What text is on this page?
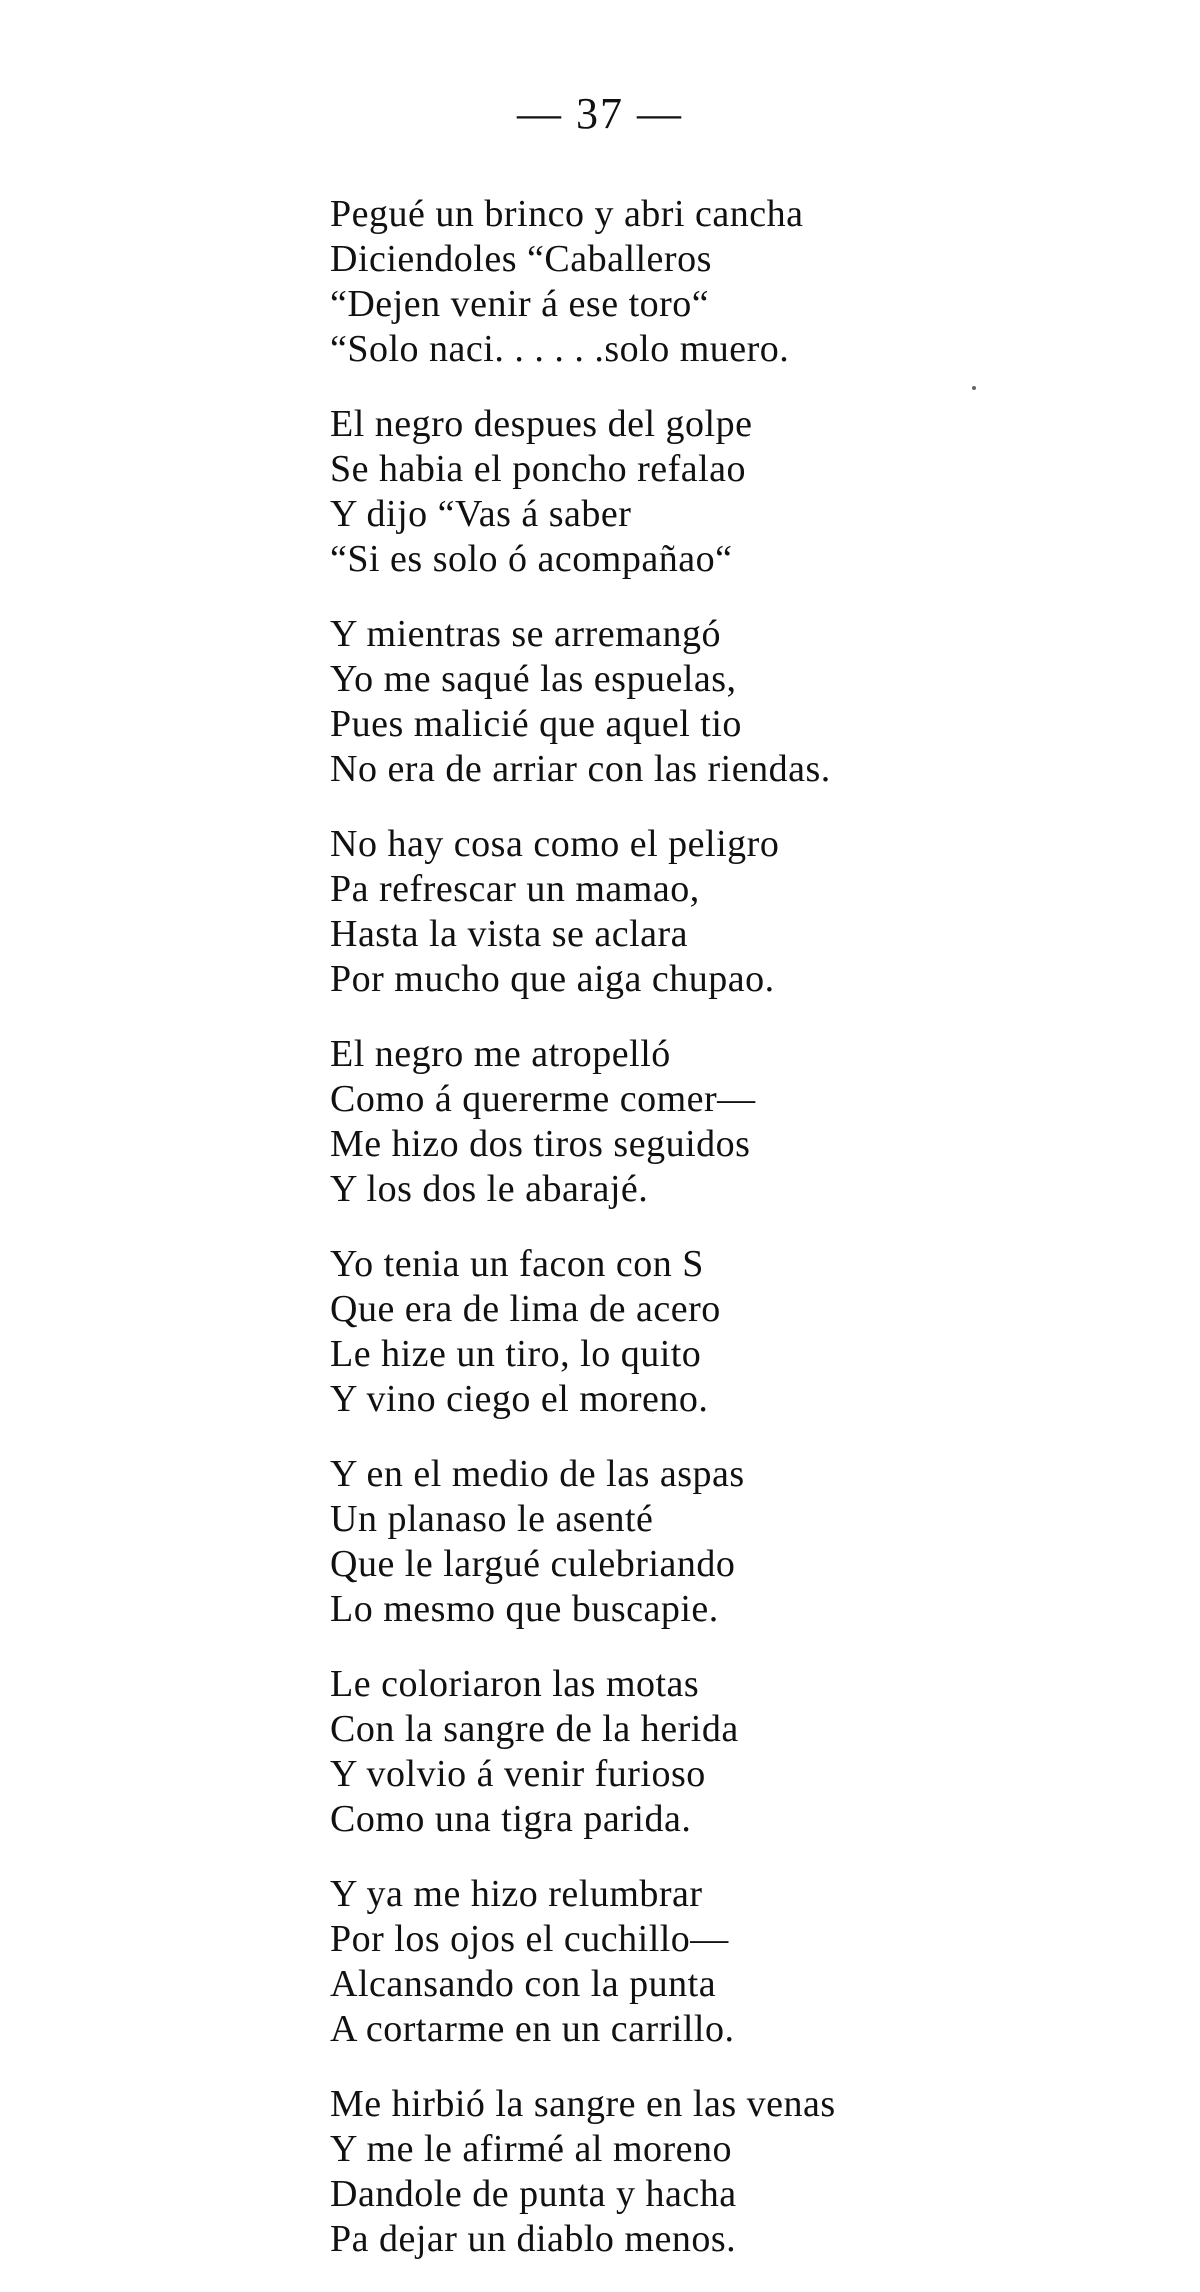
— 37 —
Pegué un brinco y abri cancha
Diciendoles “Caballeros
“Dejen venir á ese toro“
“Solo naci. . . . . .solo muero.
El negro despues del golpe
Se habia el poncho refalao
Y dijo “Vas á saber
“Si es solo ó acompañao“
Y mientras se arremangó
Yo me saqué las espuelas,
Pues malicié que aquel tio
No era de arriar con las riendas.
No hay cosa como el peligro
Pa refrescar un mamao,
Hasta la vista se aclara
Por mucho que aiga chupao.
El negro me atropelló
Como á quererme comer—
Me hizo dos tiros seguidos
Y los dos le abarajé.
Yo tenia un facon con S
Que era de lima de acero
Le hize un tiro, lo quito
Y vino ciego el moreno.
Y en el medio de las aspas
Un planaso le asenté
Que le largué culebriando
Lo mesmo que buscapie.
Le coloriaron las motas
Con la sangre de la herida
Y volvio á venir furioso
Como una tigra parida.
Y ya me hizo relumbrar
Por los ojos el cuchillo—
Alcansando con la punta
A cortarme en un carrillo.
Me hirbió la sangre en las venas
Y me le afirmé al moreno
Dandole de punta y hacha
Pa dejar un diablo menos.
